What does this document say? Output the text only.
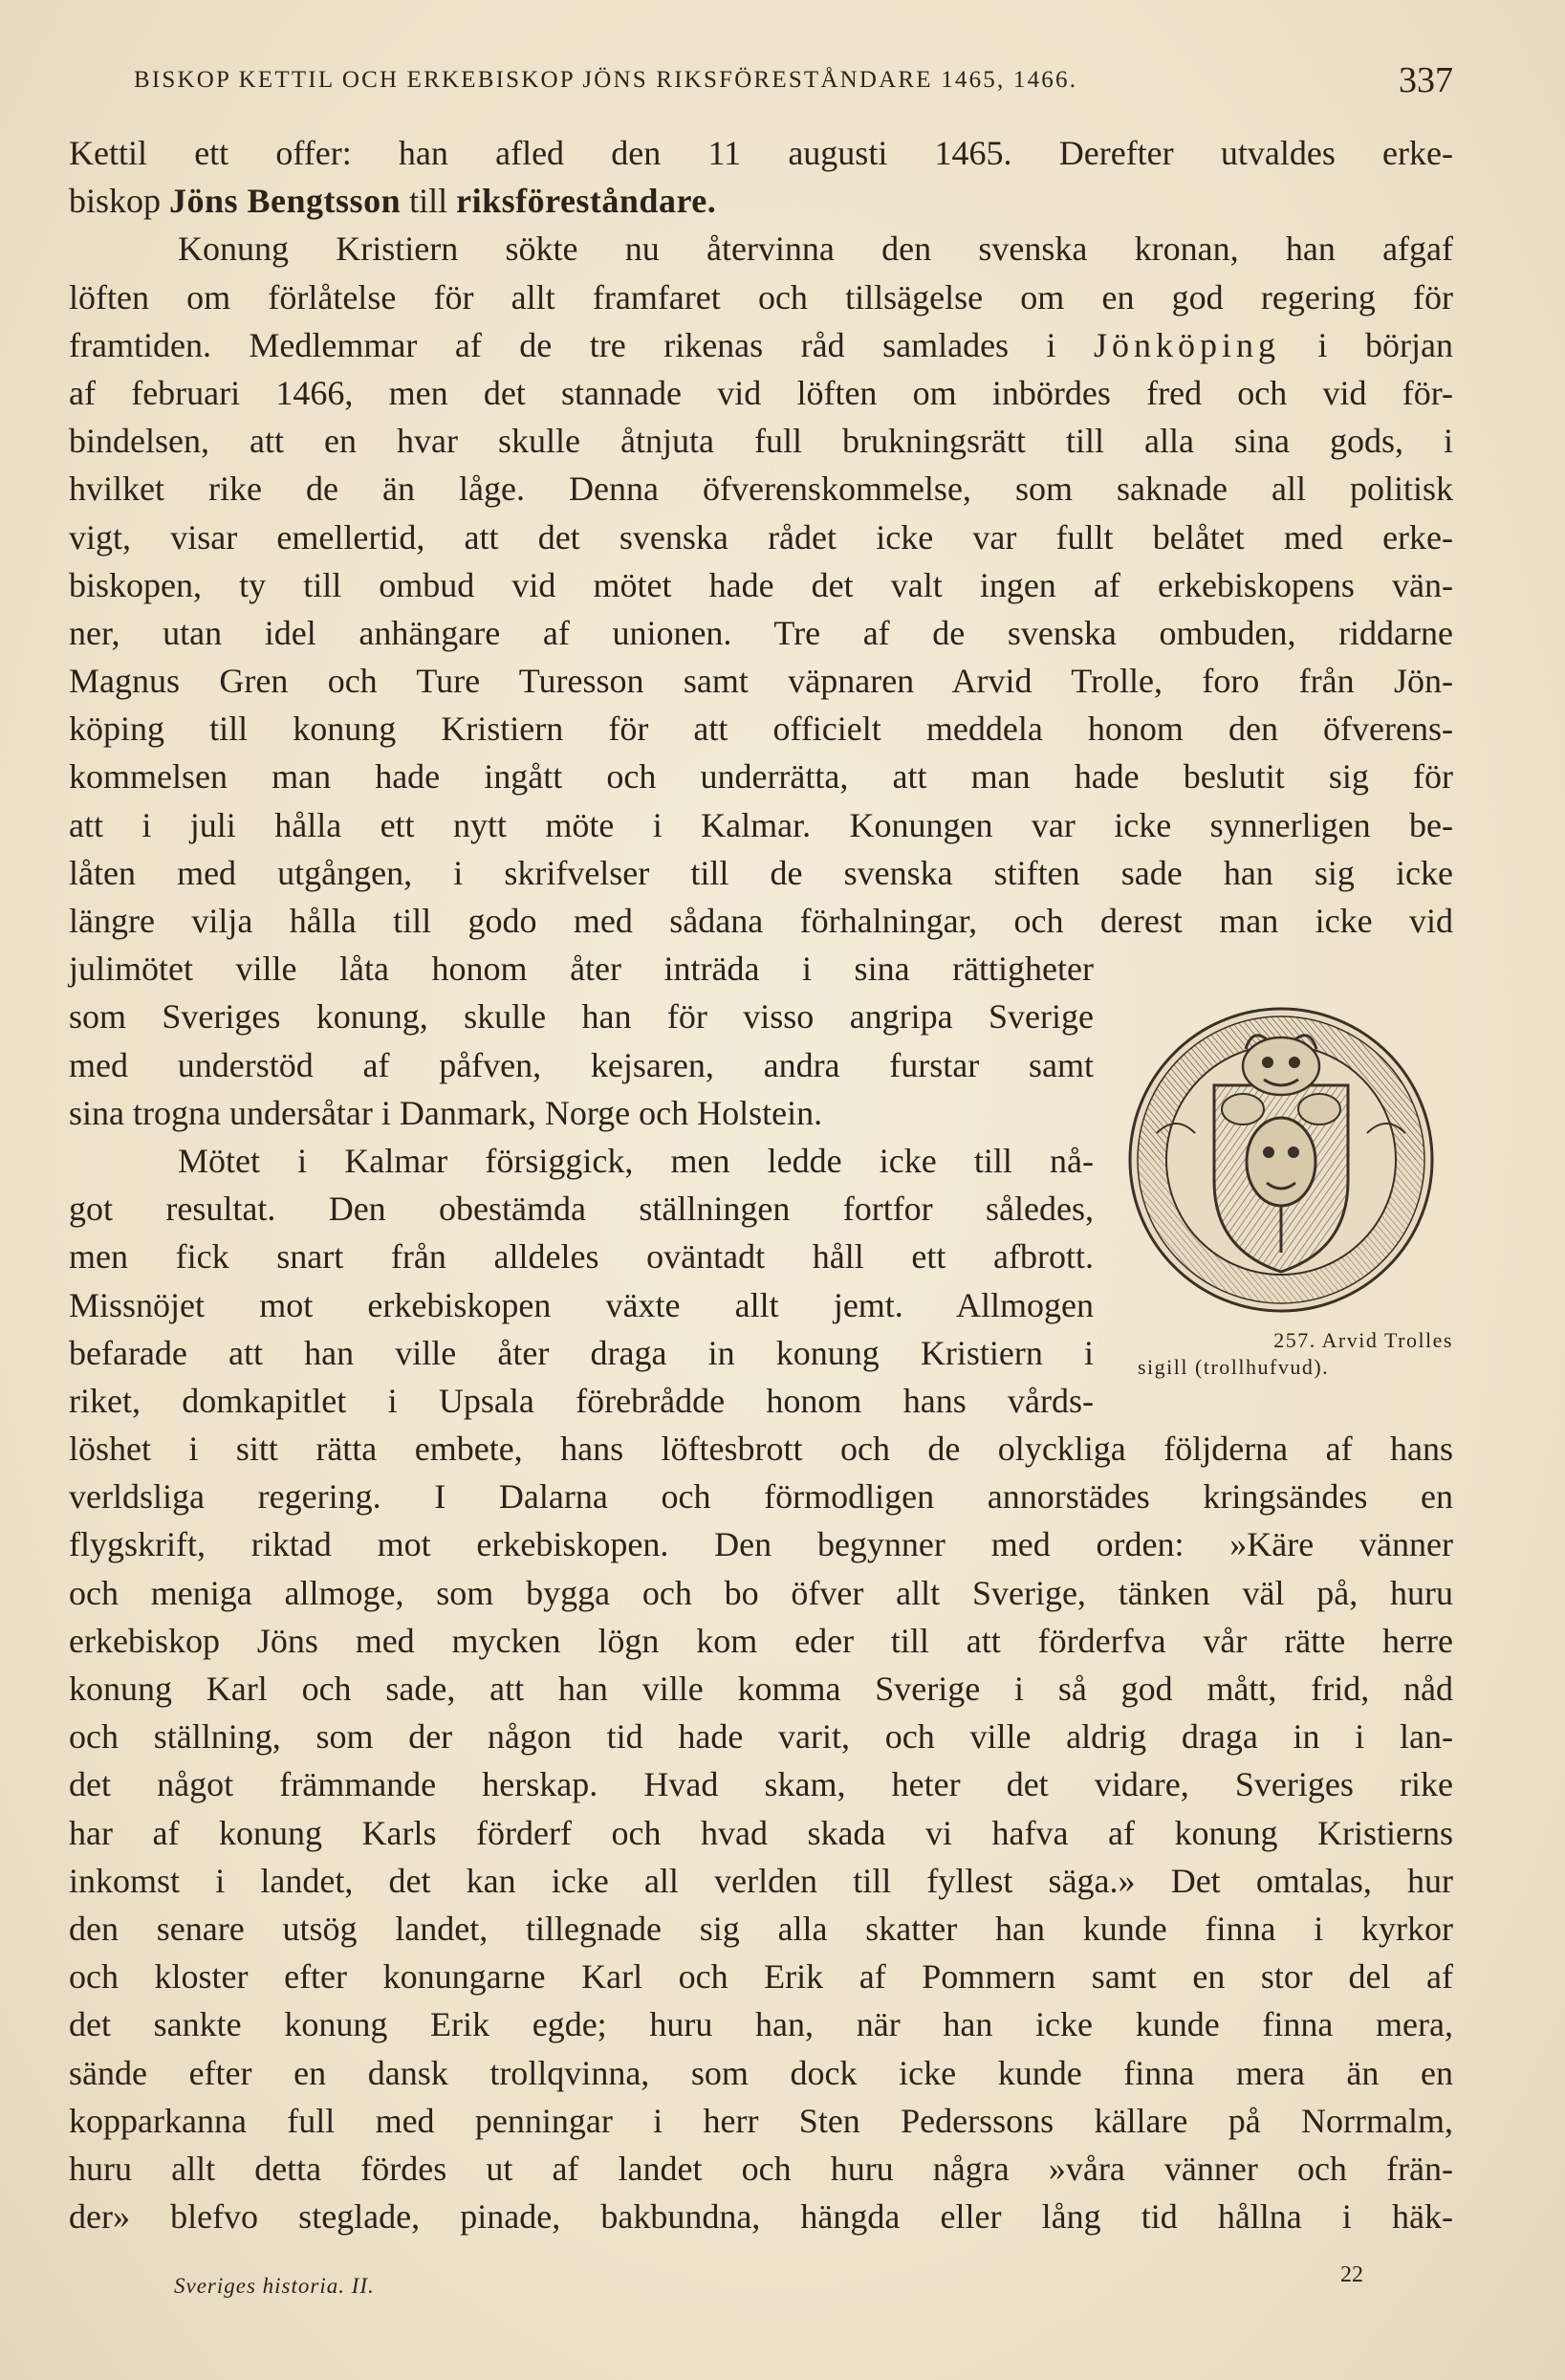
BISKOP KETTIL OCH ERKEBISKOP JÖNS RIKSFÖRESTÅNDARE 1465, 1466.	337
Kettil ett offer: han afled den 11 augusti 1465. Derefter utvaldes erke-
biskop Jöns Bengtsson till riksföreståndare.
Konung Kristiern sökte nu återvinna den svenska kronan, han afgaf
löften om förlåtelse för allt framfaret och tillsägelse om en god regering för
framtiden. Medlemmar af de tre rikenas råd samlades i Jönköping i början
af februari 1466, men det stannade vid löften om inbördes fred och vid för-
bindelsen, att en hvar skulle åtnjuta full brukningsrätt till alla sina gods, i
hvilket rike de än låge. Denna öfverenskommelse, som saknade all politisk
vigt, visar emellertid, att det svenska rådet icke var fullt belåtet med erke-
biskopen, ty till ombud vid mötet hade det valt ingen af erkebiskopens vän-
ner, utan idel anhängare af unionen. Tre af de svenska ombuden, riddarne
Magnus Gren och Ture Turesson samt väpnaren Arvid Trolle, foro från Jön-
köping till konung Kristiern för att officielt meddela honom den öfverens-
kommelsen man hade ingått och underrätta, att man hade beslutit sig för
att i juli hålla ett nytt möte i Kalmar. Konungen var icke synnerligen be-
låten med utgången, i skrifvelser till de svenska stiften sade han sig icke
längre vilja hålla till godo med sådana förhalningar, och derest man icke vid
julimötet ville låta honom åter inträda i sina rättigheter
som Sveriges konung, skulle han för visso angripa Sverige
med understöd af påfven, kejsaren, andra furstar samt
sina trogna undersåtar i Danmark, Norge och Holstein.
Mötet i Kalmar försiggick, men ledde icke till nå-
got resultat. Den obestämda ställningen fortfor således,
men fick snart från alldeles oväntadt håll ett afbrott.
Missnöjet mot erkebiskopen växte allt jemt. Allmogen
befarade att han ville åter draga in konung Kristiern i
riket, domkapitlet i Upsala förebrådde honom hans vårds-
löshet i sitt rätta embete, hans löftesbrott och de olyckliga följderna af hans
verldsliga regering. I Dalarna och förmodligen annorstädes kringsändes en
flygskrift, riktad mot erkebiskopen. Den begynner med orden: »Käre vänner
och meniga allmoge, som bygga och bo öfver allt Sverige, tänken väl på, huru
erkebiskop Jöns med mycken lögn kom eder till att förderfva vår rätte herre
konung Karl och sade, att han ville komma Sverige i så god mått, frid, nåd
och ställning, som der någon tid hade varit, och ville aldrig draga in i lan-
det något främmande herskap. Hvad skam, heter det vidare, Sveriges rike
har af konung Karls förderf och hvad skada vi hafva af konung Kristierns
inkomst i landet, det kan icke all verlden till fyllest säga.» Det omtalas, hur
den senare utsög landet, tillegnade sig alla skatter han kunde finna i kyrkor
och kloster efter konungarne Karl och Erik af Pommern samt en stor del af
det sankte konung Erik egde; huru han, när han icke kunde finna mera,
sände efter en dansk trollqvinna, som dock icke kunde finna mera än en
kopparkanna full med penningar i herr Sten Pederssons källare på Norrmalm,
huru allt detta fördes ut af landet och huru några »våra vänner och frän-
der» blefvo steglade, pinade, bakbundna, hängda eller lång tid hållna i häk-
257. Arvid Trolles
sigill (trollhufvud).
Sveriges historia. II.	22
